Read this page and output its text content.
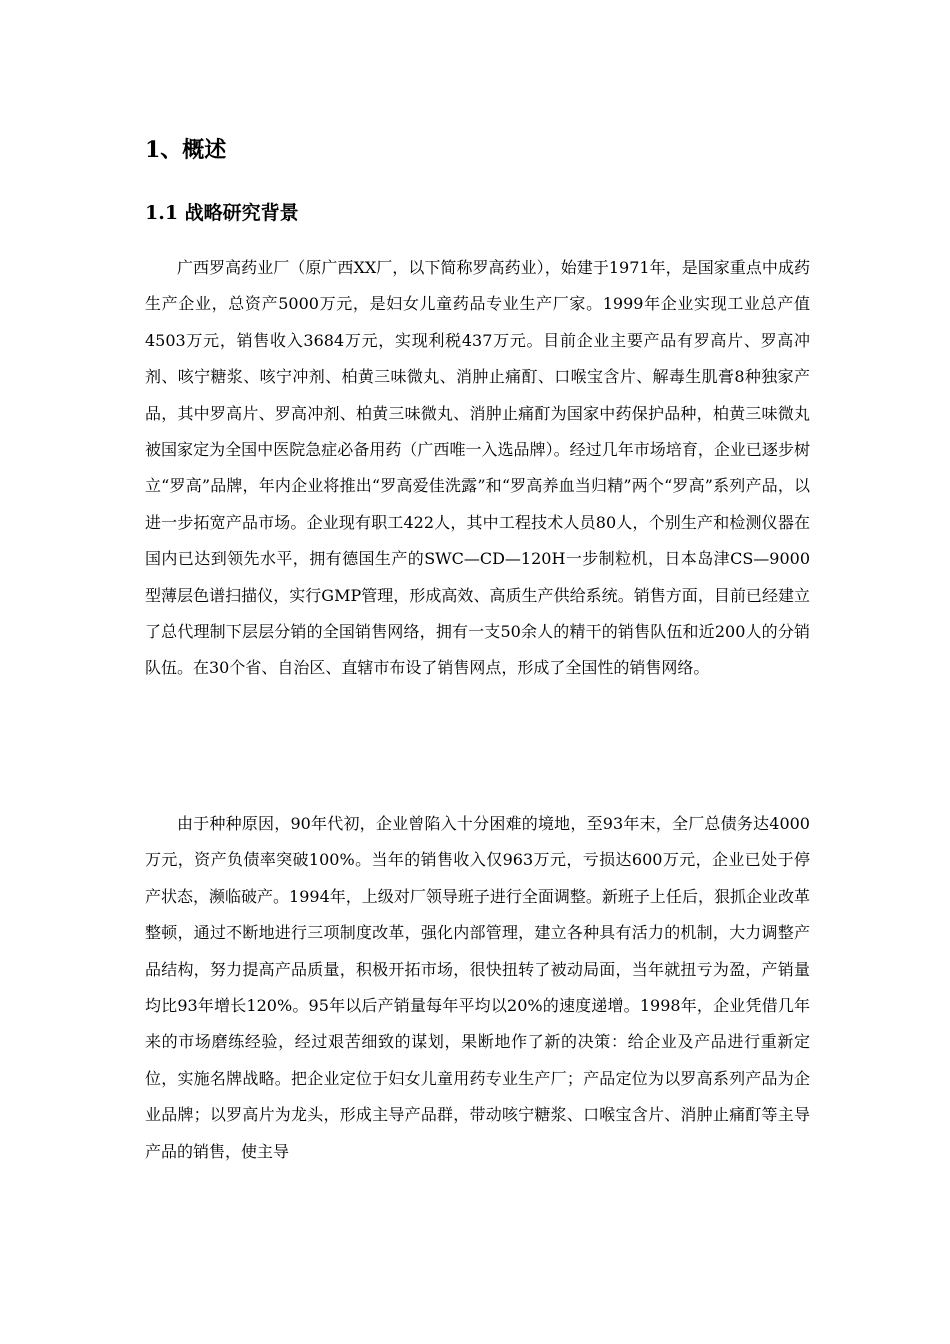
1、概述
1.1 战略研究背景

广西罗高药业厂（原广西XX厂，以下简称罗高药业），始建于1971年，是国家重点中成药生产企业，总资产5000万元，是妇女儿童药品专业生产厂家。1999年企业实现工业总产值4503万元，销售收入3684万元，实现利税437万元。目前企业主要产品有罗高片、罗高冲剂、咳宁糖浆、咳宁冲剂、柏黄三味微丸、消肿止痛酊、口喉宝含片、解毒生肌膏8种独家产品，其中罗高片、罗高冲剂、柏黄三味微丸、消肿止痛酊为国家中药保护品种，柏黄三味微丸被国家定为全国中医院急症必备用药（广西唯一入选品牌）。经过几年市场培育，企业已逐步树立“罗高”品牌，年内企业将推出“罗高爱佳洗露”和“罗高养血当归精”两个“罗高”系列产品，以进一步拓宽产品市场。企业现有职工422人，其中工程技术人员80人，个别生产和检测仪器在国内已达到领先水平，拥有德国生产的SWC—CD—120H一步制粒机，日本岛津CS—9000型薄层色谱扫描仪，实行GMP管理，形成高效、高质生产供给系统。销售方面，目前已经建立了总代理制下层层分销的全国销售网络，拥有一支50余人的精干的销售队伍和近200人的分销队伍。在30个省、自治区、直辖市布设了销售网点，形成了全国性的销售网络。

由于种种原因，90年代初，企业曾陷入十分困难的境地，至93年末，全厂总债务达4000万元，资产负债率突破100%。当年的销售收入仅963万元，亏损达600万元，企业已处于停产状态，濒临破产。1994年，上级对厂领导班子进行全面调整。新班子上任后，狠抓企业改革整顿，通过不断地进行三项制度改革，强化内部管理，建立各种具有活力的机制，大力调整产品结构，努力提高产品质量，积极开拓市场，很快扭转了被动局面，当年就扭亏为盈，产销量均比93年增长120%。95年以后产销量每年平均以20%的速度递增。1998年，企业凭借几年来的市场磨练经验，经过艰苦细致的谋划，果断地作了新的决策：给企业及产品进行重新定位，实施名牌战略。把企业定位于妇女儿童用药专业生产厂；产品定位为以罗高系列产品为企业品牌；以罗高片为龙头，形成主导产品群，带动咳宁糖浆、口喉宝含片、消肿止痛酊等主导产品的销售，使主导
